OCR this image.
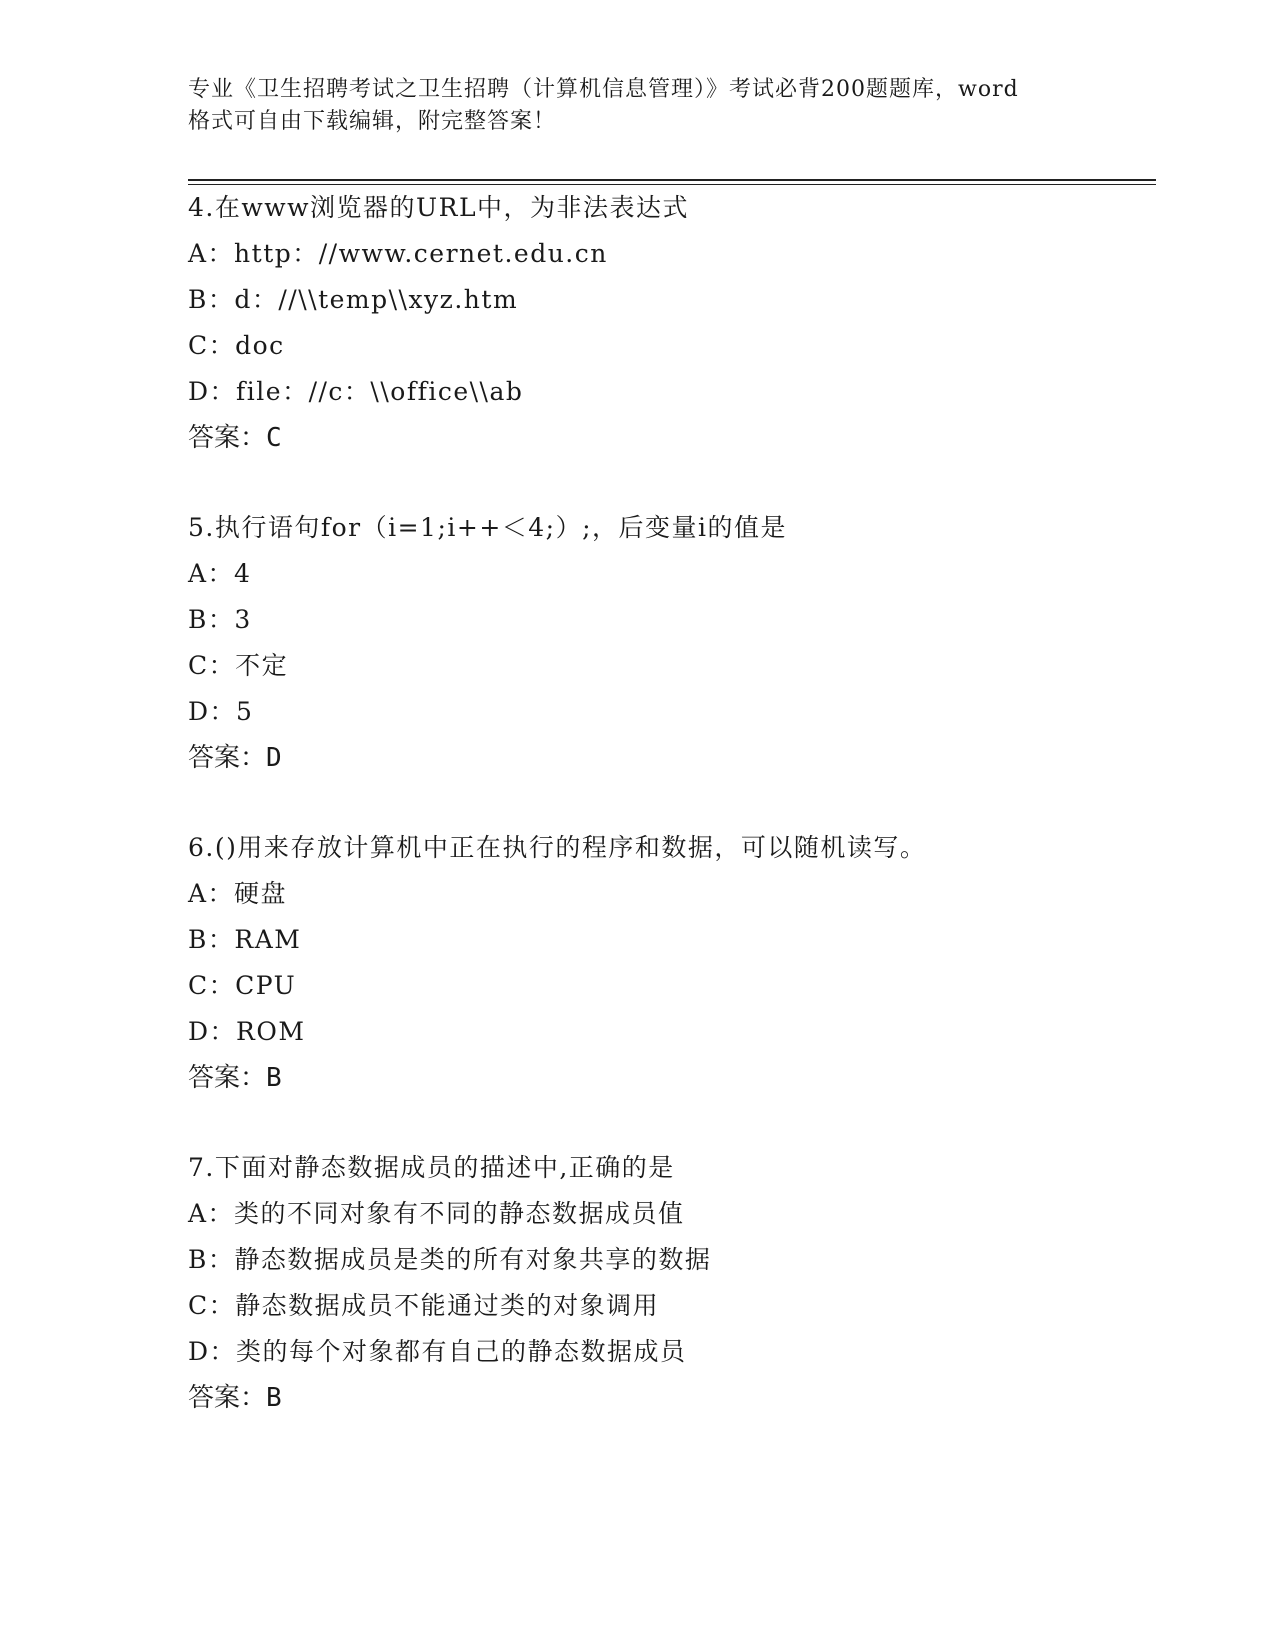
专业《卫生招聘考试之卫生招聘（计算机信息管理）》考试必背200题题库，word
格式可自由下载编辑，附完整答案！
4.在www浏览器的URL中，为非法表达式
A：http：//www.cernet.edu.cn
B：d：//\\temp\\xyz.htm
C：doc
D：file：//c：\\office\\ab
答案：C
5.执行语句for（i=1;i++＜4;）;，后变量i的值是
A：4
B：3
C：不定
D：5
答案：D
6.()用来存放计算机中正在执行的程序和数据，可以随机读写。
A：硬盘
B：RAM
C：CPU
D：ROM
答案：B
7.下面对静态数据成员的描述中,正确的是
A：类的不同对象有不同的静态数据成员值
B：静态数据成员是类的所有对象共享的数据
C：静态数据成员不能通过类的对象调用
D：类的每个对象都有自己的静态数据成员
答案：B
